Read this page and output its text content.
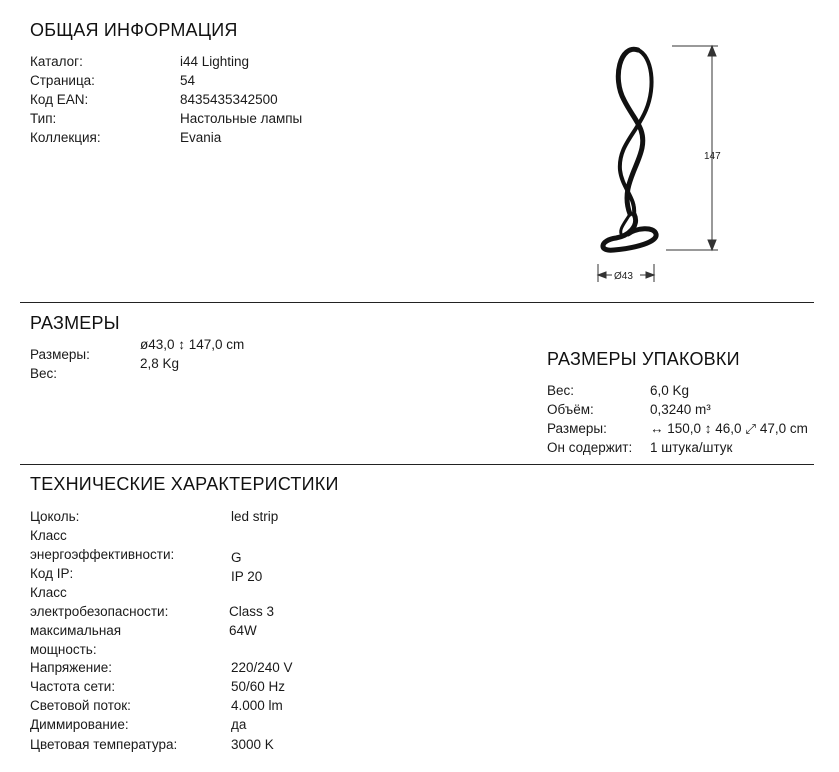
ОБЩАЯ ИНФОРМАЦИЯ
Каталог:	i44 Lighting
Страница:	54
Код EAN:	8435435342500
Тип:	Настольные лампы
Коллекция:	Evania
Ø43
147
РАЗМЕРЫ
Размеры:
ø43,0 ↕ 147,0 cm
Вес:
2,8 Kg	РАЗМЕРЫ УПАКОВКИ
Вес:	6,0 Kg
Объём:	0,3240 m³
Размеры:	↔ 150,0 ↕ 46,0 ⤢ 47,0 cm
Он содержит: 1 штука/штук
ТЕХНИЧЕСКИЕ ХАРАКТЕРИСТИКИ
Цоколь:	led strip
Класс
энергоэффективности:	G
Код IP:	IP 20
Класс
электробезопасности:	Class 3
максимальная
мощность:
64W
Напряжение:	220/240 V
Частота сети:	50/60 Hz
Световой поток:	4.000 lm
Диммирование:	да
Цветовая температура:	3000 K
